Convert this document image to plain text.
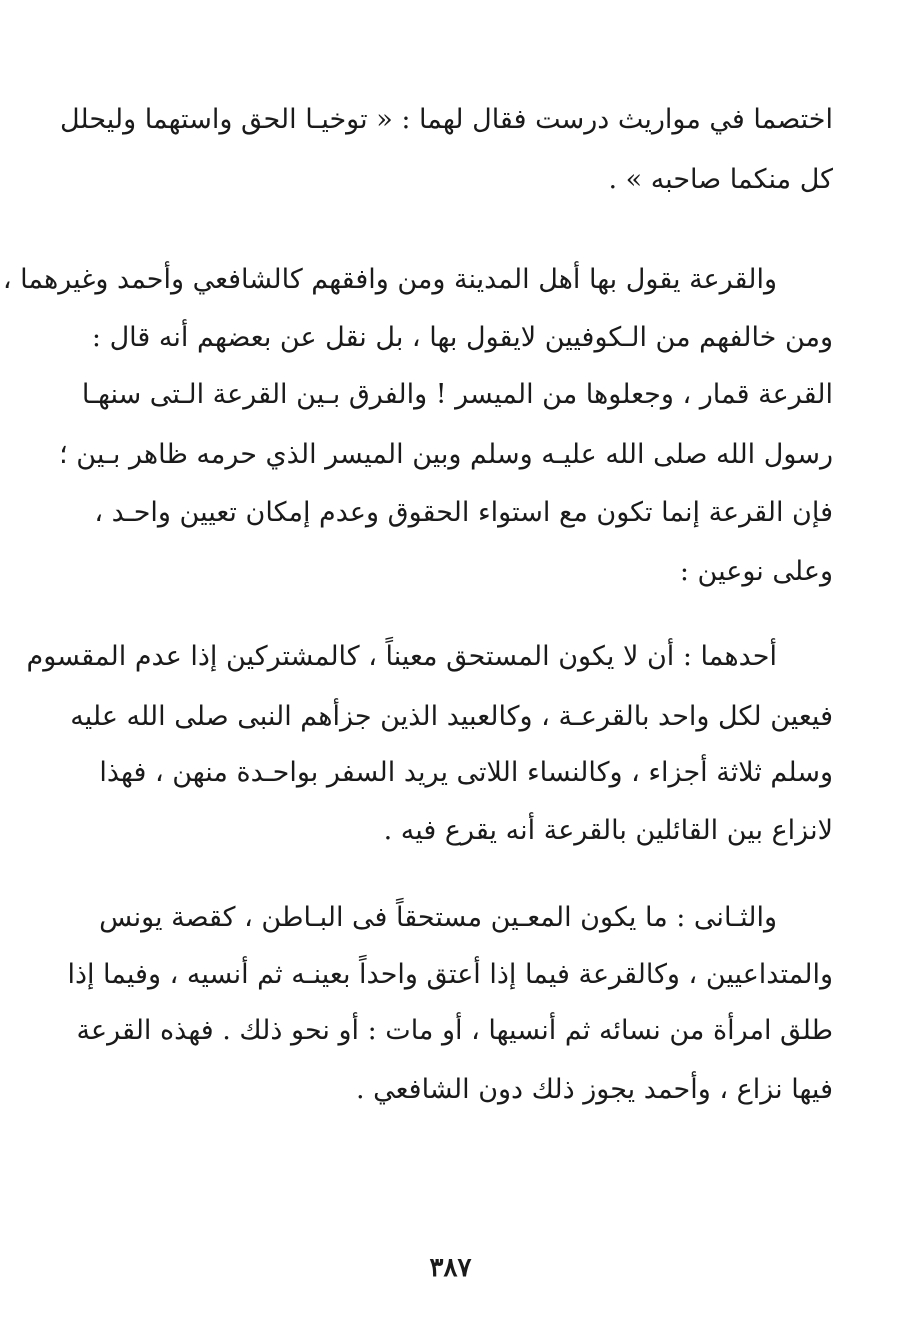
اختصما في مواريث درست فقال لهما : « توخيـا الحق واستهما وليحلل
كل منكما صاحبه » .
والقرعة يقول بها أهل المدينة ومن وافقهم كالشافعي وأحمد وغيرهما ،
ومن خالفهم من الـكوفيين لايقول بها ، بل نقل عن بعضهم أنه قال :
القرعة قمار ، وجعلوها من الميسر ! والفرق بـين القرعة الـتى سنهـا
رسول الله صلى الله عليـه وسلم وبين الميسر الذي حرمه ظاهر بـين ؛
فإن القرعة إنما تكون مع استواء الحقوق وعدم إمكان تعيين واحـد ،
وعلى نوعين :
أحدهما : أن لا يكون المستحق معيناً ، كالمشتركين إذا عدم المقسوم
فيعين لكل واحد بالقرعـة ، وكالعبيد الذين جزأهم النبى صلى الله عليه
وسلم ثلاثة أجزاء ، وكالنساء اللاتى يريد السفر بواحـدة منهن ، فهذا
لانزاع بين القائلين بالقرعة أنه يقرع فيه .
والثـانى : ما يكون المعـين مستحقاً فى البـاطن ، كقصة يونس
والمتداعيين ، وكالقرعة فيما إذا أعتق واحداً بعينـه ثم أنسيه ، وفيما إذا
طلق امرأة من نسائه ثم أنسيها ، أو مات : أو نحو ذلك . فهذه القرعة
فيها نزاع ، وأحمد يجوز ذلك دون الشافعي .
٣٨٧
